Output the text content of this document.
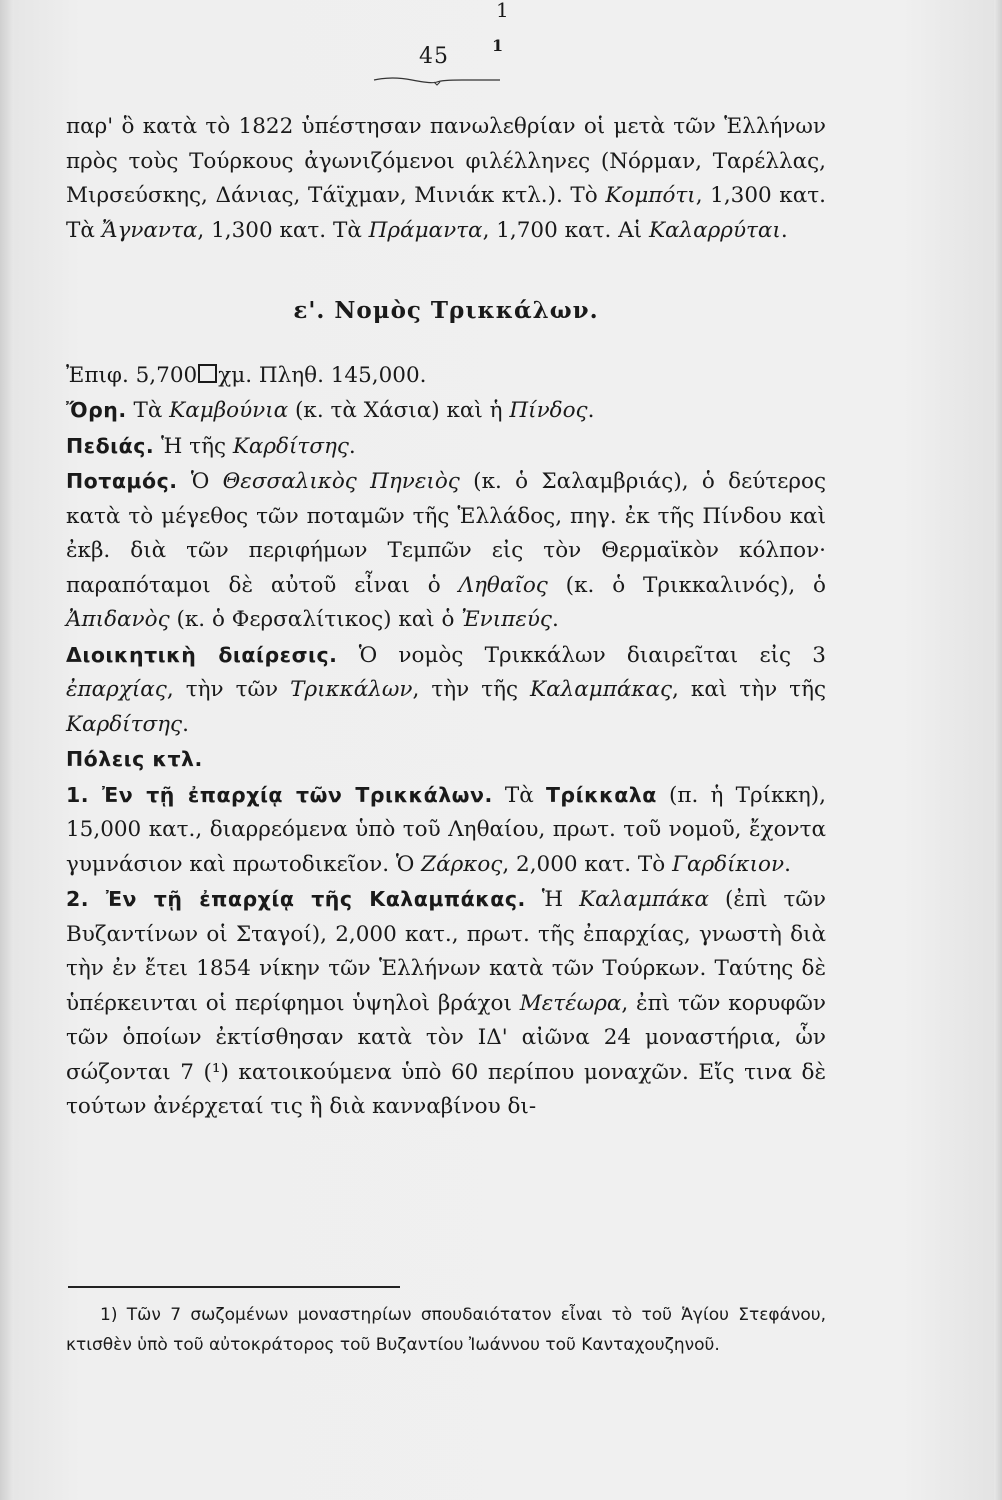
1
45	1

παρ' ὃ κατὰ τὸ 1822 ὑπέστησαν πανωλεθρίαν οἱ μετὰ τῶν Ἑλλήνων πρὸς τοὺς Τούρκους ἀγωνιζόμενοι φιλέλληνες (Νόρμαν, Ταρέλλας, Μιρσεύσκης, Δάνιας, Τάϊχμαν, Μινιάκ κτλ.). Τὸ Κομπότι, 1,300 κατ. Τὰ Ἄγναντα, 1,300 κατ. Τὰ Πράμαντα, 1,700 κατ. Αἱ Καλαρρύται.

ε'. Νομὸς Τρικκάλων.

Ἐπιφ. 5,700 χμ. Πληθ. 145,000.

Ὄρη. Τὰ Καμβούνια (κ. τὰ Χάσια) καὶ ἡ Πίνδος.

Πεδιάς. Ἡ τῆς Καρδίτσης.

Ποταμός. Ὁ Θεσσαλικὸς Πηνειὸς (κ. ὁ Σαλαμβριάς), ὁ δεύτερος κατὰ τὸ μέγεθος τῶν ποταμῶν τῆς Ἑλλάδος, πηγ. ἐκ τῆς Πίνδου καὶ ἐκβ. διὰ τῶν περιφήμων Τεμπῶν εἰς τὸν Θερμαϊκὸν κόλπον· παραπόταμοι δὲ αὐτοῦ εἶναι ὁ Ληθαῖος (κ. ὁ Τρικκαλινός), ὁ Ἀπιδανὸς (κ. ὁ Φερσαλίτικος) καὶ ὁ Ἐνιπεύς.

Διοικητικὴ διαίρεσις. Ὁ νομὸς Τρικκάλων διαιρεῖται εἰς 3 ἐπαρχίας, τὴν τῶν Τρικκάλων, τὴν τῆς Καλαμπάκας, καὶ τὴν τῆς Καρδίτσης.

Πόλεις κτλ.

1. Ἐν τῇ ἐπαρχίᾳ τῶν Τρικκάλων. Τὰ Τρίκκαλα (π. ἡ Τρίκκη), 15,000 κατ., διαρρεόμενα ὑπὸ τοῦ Ληθαίου, πρωτ. τοῦ νομοῦ, ἔχοντα γυμνάσιον καὶ πρωτοδικεῖον. Ὁ Ζάρκος, 2,000 κατ. Τὸ Γαρδίκιον.

2. Ἐν τῇ ἐπαρχίᾳ τῆς Καλαμπάκας. Ἡ Καλαμπάκα (ἐπὶ τῶν Βυζαντίνων οἱ Σταγοί), 2,000 κατ., πρωτ. τῆς ἐπαρχίας, γνωστὴ διὰ τὴν ἐν ἔτει 1854 νίκην τῶν Ἑλλήνων κατὰ τῶν Τούρκων. Ταύτης δὲ ὑπέρκεινται οἱ περίφημοι ὑψηλοὶ βράχοι Μετέωρα, ἐπὶ τῶν κορυφῶν τῶν ὁποίων ἐκτίσθησαν κατὰ τὸν ΙΔ' αἰῶνα 24 μοναστήρια, ὧν σώζονται 7 (¹) κατοικούμενα ὑπὸ 60 περίπου μοναχῶν. Εἴς τινα δὲ τούτων ἀνέρχεταί τις ἢ διὰ κανναβίνου δι-

1) Τῶν 7 σωζομένων μοναστηρίων σπουδαιότατον εἶναι τὸ τοῦ Ἁγίου Στεφάνου, κτισθὲν ὑπὸ τοῦ αὐτοκράτορος τοῦ Βυζαντίου Ἰωάννου τοῦ Κανταχουζηνοῦ.
